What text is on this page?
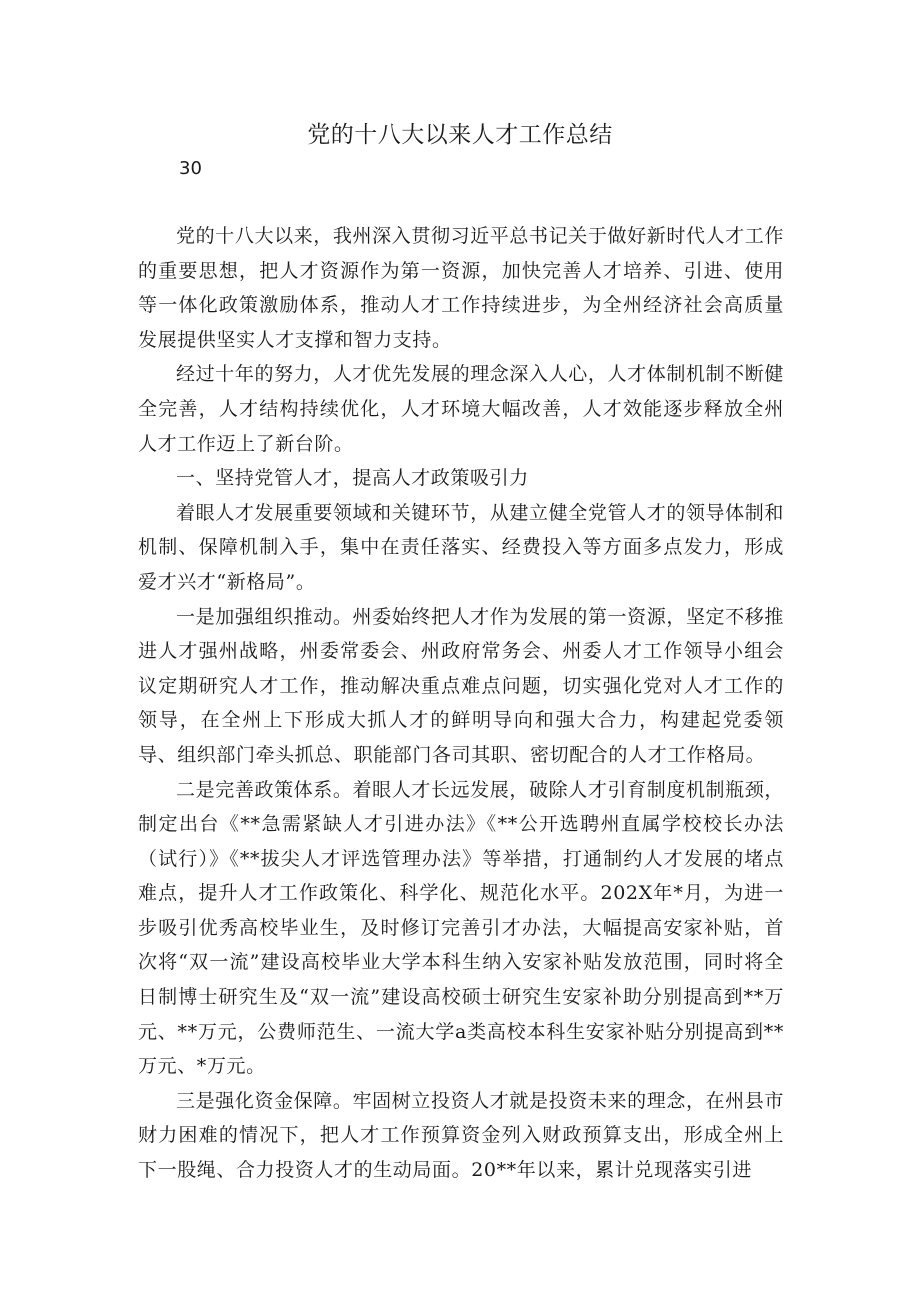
党的十八大以来人才工作总结
30

党的十八大以来，我州深入贯彻习近平总书记关于做好新时代人才工作的重要思想，把人才资源作为第一资源，加快完善人才培养、引进、使用等一体化政策激励体系，推动人才工作持续进步，为全州经济社会高质量发展提供坚实人才支撑和智力支持。

经过十年的努力，人才优先发展的理念深入人心，人才体制机制不断健全完善，人才结构持续优化，人才环境大幅改善，人才效能逐步释放全州人才工作迈上了新台阶。

一、坚持党管人才，提高人才政策吸引力

着眼人才发展重要领域和关键环节，从建立健全党管人才的领导体制和机制、保障机制入手，集中在责任落实、经费投入等方面多点发力，形成爱才兴才“新格局”。

一是加强组织推动。州委始终把人才作为发展的第一资源，坚定不移推进人才强州战略，州委常委会、州政府常务会、州委人才工作领导小组会议定期研究人才工作，推动解决重点难点问题，切实强化党对人才工作的领导，在全州上下形成大抓人才的鲜明导向和强大合力，构建起党委领导、组织部门牵头抓总、职能部门各司其职、密切配合的人才工作格局。

二是完善政策体系。着眼人才长远发展，破除人才引育制度机制瓶颈，制定出台《**急需紧缺人才引进办法》《**公开选聘州直属学校校长办法（试行）》《**拔尖人才评选管理办法》等举措，打通制约人才发展的堵点难点，提升人才工作政策化、科学化、规范化水平。202X年*月，为进一步吸引优秀高校毕业生，及时修订完善引才办法，大幅提高安家补贴，首次将“双一流”建设高校毕业大学本科生纳入安家补贴发放范围，同时将全日制博士研究生及“双一流”建设高校硕士研究生安家补助分别提高到**万元、**万元，公费师范生、一流大学a类高校本科生安家补贴分别提高到**万元、*万元。

三是强化资金保障。牢固树立投资人才就是投资未来的理念，在州县市财力困难的情况下，把人才工作预算资金列入财政预算支出，形成全州上下一股绳、合力投资人才的生动局面。20**年以来，累计兑现落实引进
